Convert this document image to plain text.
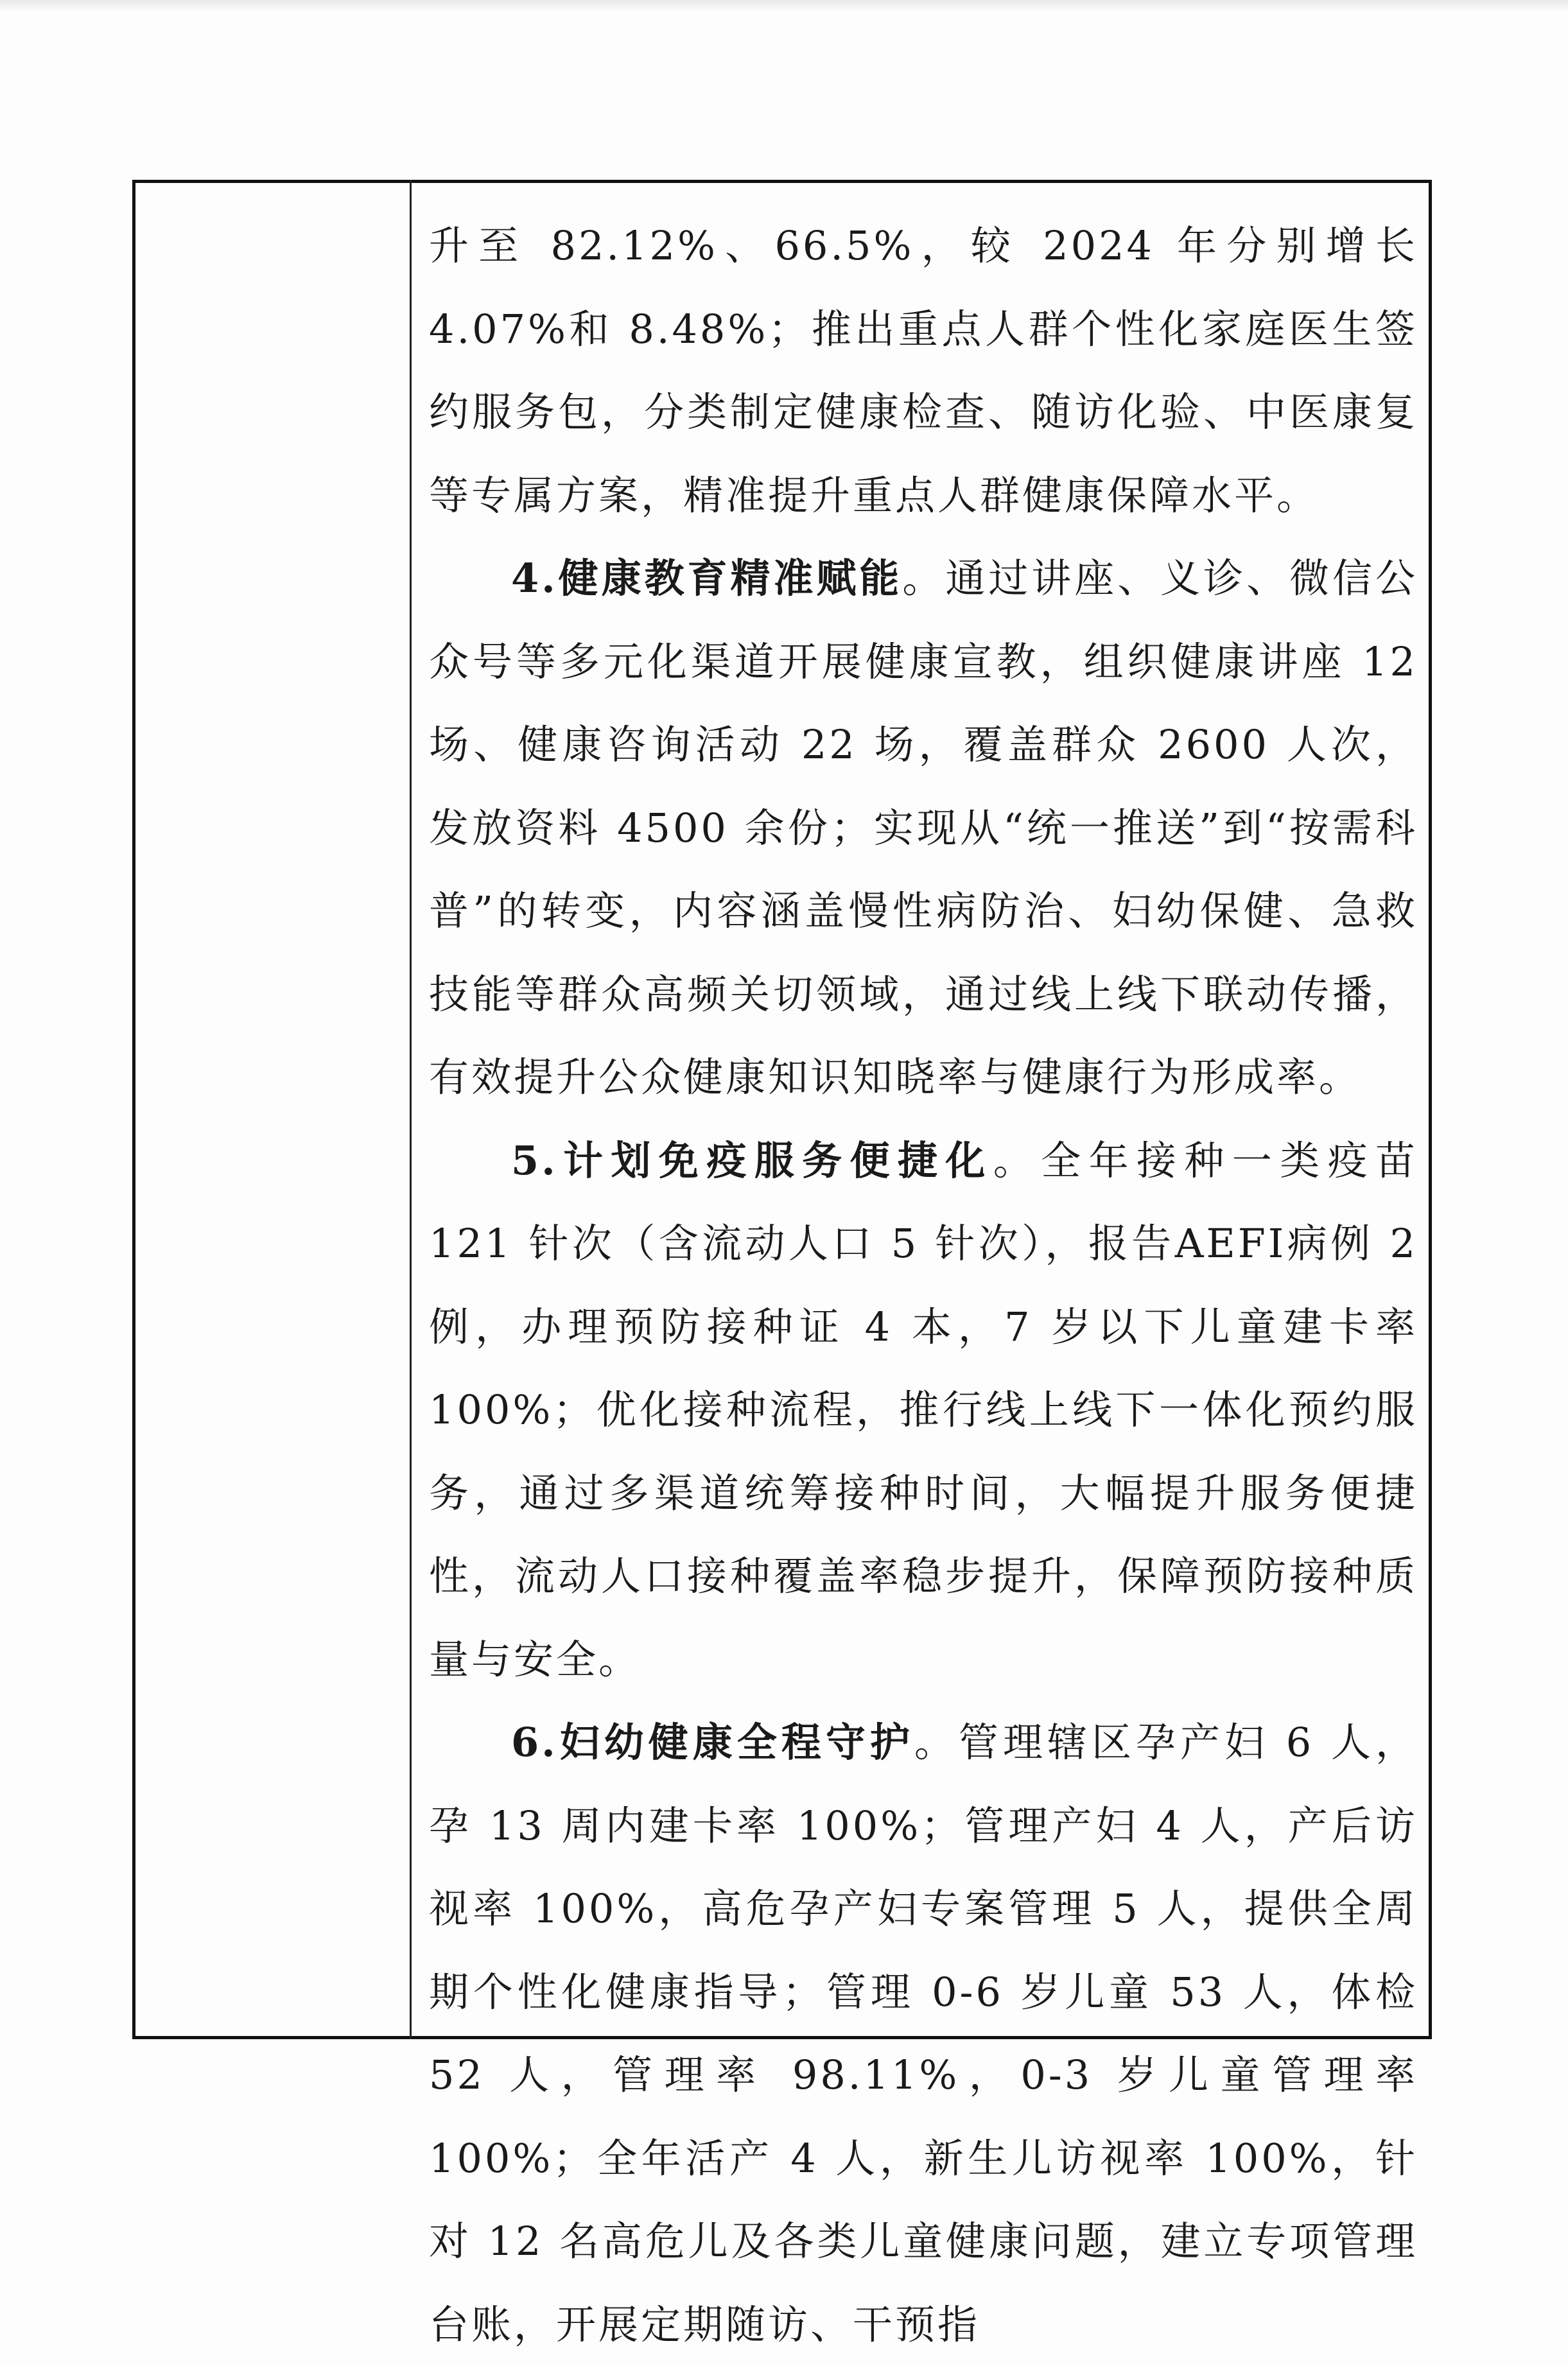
升至 82.12%、66.5%，较 2024 年分别增长 4.07%和 8.48%；推出重点人群个性化家庭医生签约服务包，分类制定健康检查、随访化验、中医康复等专属方案，精准提升重点人群健康保障水平。

4.健康教育精准赋能。通过讲座、义诊、微信公众号等多元化渠道开展健康宣教，组织健康讲座 12 场、健康咨询活动 22 场，覆盖群众 2600 人次，发放资料 4500 余份；实现从“统一推送”到“按需科普”的转变，内容涵盖慢性病防治、妇幼保健、急救技能等群众高频关切领域，通过线上线下联动传播，有效提升公众健康知识知晓率与健康行为形成率。

5.计划免疫服务便捷化。全年接种一类疫苗 121 针次（含流动人口 5 针次），报告AEFI病例 2 例，办理预防接种证 4 本，7 岁以下儿童建卡率 100%；优化接种流程，推行线上线下一体化预约服务，通过多渠道统筹接种时间，大幅提升服务便捷性，流动人口接种覆盖率稳步提升，保障预防接种质量与安全。

6.妇幼健康全程守护。管理辖区孕产妇 6 人，孕 13 周内建卡率 100%；管理产妇 4 人，产后访视率 100%，高危孕产妇专案管理 5 人，提供全周期个性化健康指导；管理 0-6 岁儿童 53 人，体检 52 人，管理率 98.11%，0-3 岁儿童管理率 100%；全年活产 4 人，新生儿访视率 100%，针对 12 名高危儿及各类儿童健康问题，建立专项管理台账，开展定期随访、干预指
